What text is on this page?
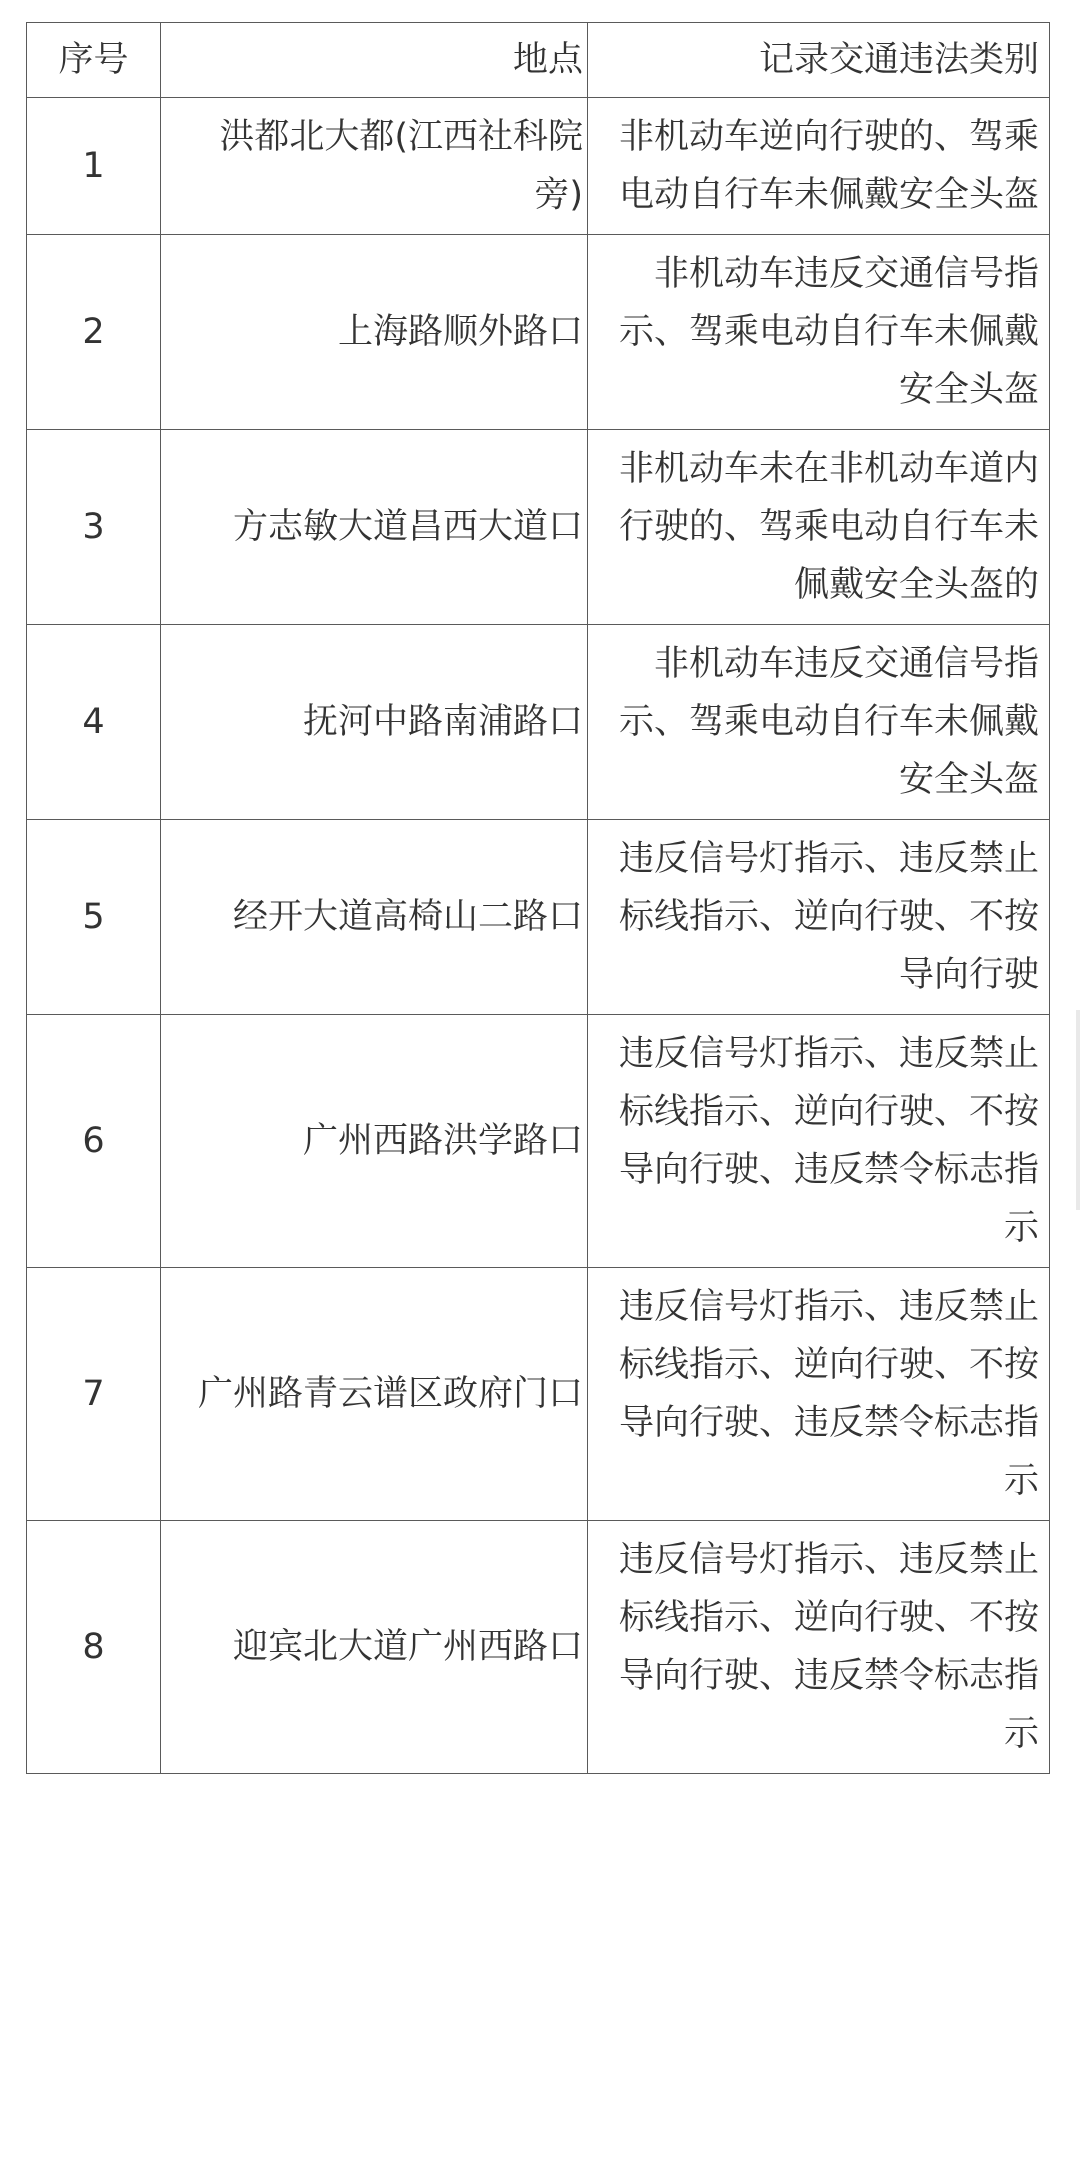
序号	地点	记录交通违法类别
1	洪都北大都(江西社科院旁)	非机动车逆向行驶的、驾乘电动自行车未佩戴安全头盔
2	上海路顺外路口	非机动车违反交通信号指示、驾乘电动自行车未佩戴安全头盔
3	方志敏大道昌西大道口	非机动车未在非机动车道内行驶的、驾乘电动自行车未佩戴安全头盔的
4	抚河中路南浦路口	非机动车违反交通信号指示、驾乘电动自行车未佩戴安全头盔
5	经开大道高椅山二路口	违反信号灯指示、违反禁止标线指示、逆向行驶、不按导向行驶
6	广州西路洪学路口	违反信号灯指示、违反禁止标线指示、逆向行驶、不按导向行驶、违反禁令标志指示
7	广州路青云谱区政府门口	违反信号灯指示、违反禁止标线指示、逆向行驶、不按导向行驶、违反禁令标志指示
8	迎宾北大道广州西路口	违反信号灯指示、违反禁止标线指示、逆向行驶、不按导向行驶、违反禁令标志指示
